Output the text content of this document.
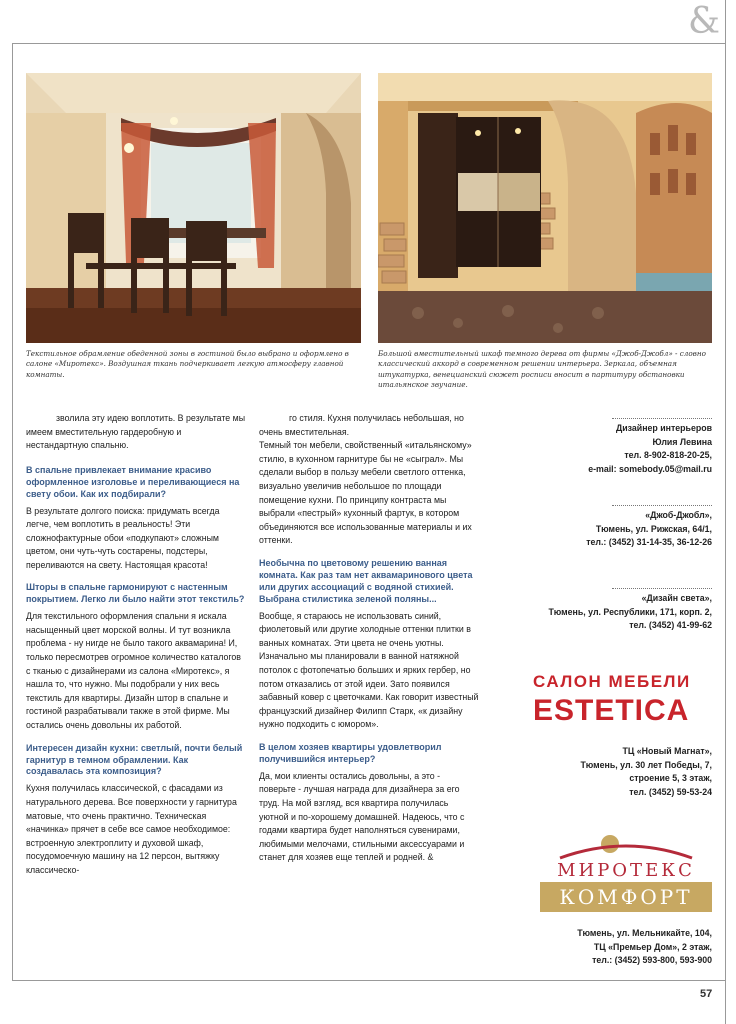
&
Текстильное обрамление обеденной зоны в гостиной было выбрано и оформлено в салоне «Миротекс». Воздушная ткань подчеркивает легкую атмосферу главной комнаты.
Большой вместительный шкаф темного дерева от фирмы «Джоб-Джобл» - словно классический аккорд в современном решении интерьера. Зеркала, объемная штукатурка, венецианский сюжет росписи вносит в партитуру обстановки итальянское звучание.

зволила эту идею воплотить. В результате мы имеем вместительную гардеробную и нестандартную спальню.

В спальне привлекает внимание красиво оформленное изголовье и переливающиеся на свету обои. Как их подбирали?

В результате долгого поиска: придумать всегда легче, чем воплотить в реальность! Эти сложнофактурные обои «подкупают» сложным цветом, они чуть-чуть состарены, подстеры, переливаются на свету. Настоящая красота!

Шторы в спальне гармонируют с настенным покрытием. Легко ли было найти этот текстиль?

Для текстильного оформления спальни я искала насыщенный цвет морской волны. И тут возникла проблема - ну нигде не было такого аквамарина! И, только пересмотрев огромное количество каталогов с тканью с дизайнерами из салона «Миротекс», я нашла то, что нужно. Мы подобрали у них весь текстиль для квартиры. Дизайн штор в спальне и гостиной разрабатывали также в этой фирме. Мы остались очень довольны их работой.

Интересен дизайн кухни: светлый, почти белый гарнитур в темном обрамлении. Как создавалась эта композиция?

Кухня получилась классической, с фасадами из натурального дерева. Все поверхности у гарнитура матовые, что очень практично. Техническая «начинка» прячет в себе все самое необходимое: встроенную электроплиту и духовой шкаф, посудомоечную машину на 12 персон, вытяжку классическо-

го стиля. Кухня получилась небольшая, но очень вместительная.

Темный тон мебели, свойственный «итальянскому» стилю, в кухонном гарнитуре бы не «сыграл». Мы сделали выбор в пользу мебели светлого оттенка, визуально увеличив небольшое по площади помещение кухни. По принципу контраста мы выбрали «пестрый» кухонный фартук, в котором объединяются все использованные материалы и их оттенки.

Необычна по цветовому решению ванная комната. Как раз там нет аквамаринового цвета или других ассоциаций с водяной стихией. Выбрана стилистика зеленой поляны...

Вообще, я стараюсь не использовать синий, фиолетовый или другие холодные оттенки плитки в ванных комнатах. Эти цвета не очень уютны. Изначально мы планировали в ванной натяжной потолок с фотопечатью больших и ярких гербер, но потом отказались от этой идеи. Зато появился забавный ковер с цветочками. Как говорит известный французский дизайнер Филипп Старк, «к дизайну нужно подходить с юмором».

В целом хозяев квартиры удовлетворил получившийся интерьер?

Да, мои клиенты остались довольны, а это - поверьте - лучшая награда для дизайнера за его труд. На мой взгляд, вся квартира получилась уютной и по-хорошему домашней. Надеюсь, что с годами квартира будет наполняться сувенирами, любимыми мелочами, стильными аксессуарами и станет для хозяев еще теплей и родней. &

Дизайнер интерьеров
Юлия Левина
тел. 8-902-818-20-25,
e-mail: somebody.05@mail.ru
«Джоб-Джобл»,
Тюмень, ул. Рижская, 64/1,
тел.: (3452) 31-14-35, 36-12-26
«Дизайн света»,
Тюмень, ул. Республики, 171, корп. 2,
тел. (3452) 41-99-62
САЛОН МЕБЕЛИ
ESTETICA
ТЦ «Новый Магнат»,
Тюмень, ул. 30 лет Победы, 7,
строение 5, 3 этаж,
тел. (3452) 59-53-24
МИРОТЕКС
КОМФОРТ
Тюмень, ул. Мельникайте, 104,
ТЦ «Премьер Дом», 2 этаж,
тел.: (3452) 593-800, 593-900
57
